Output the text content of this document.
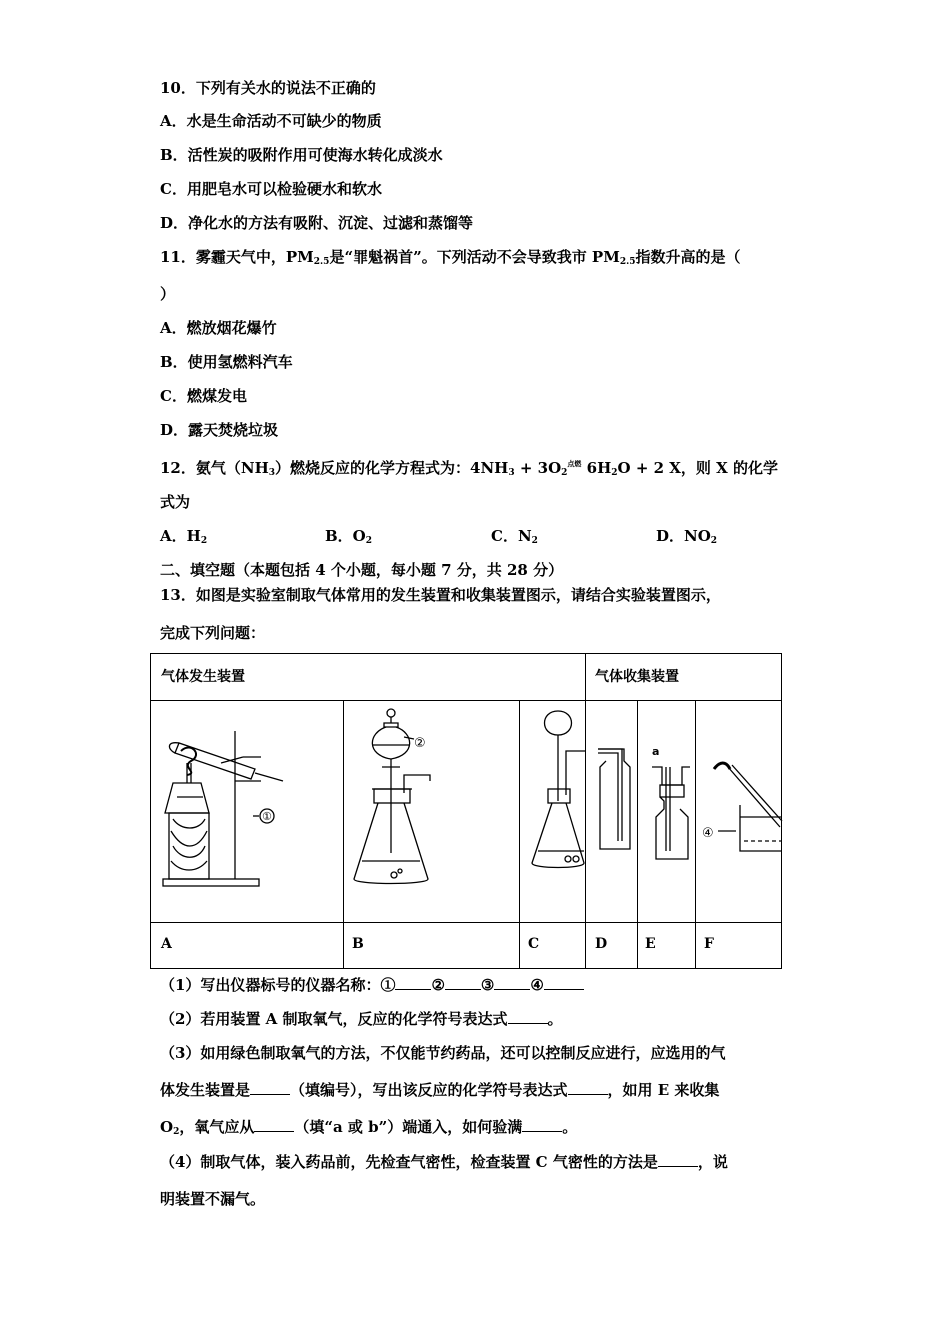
10．下列有关水的说法不正确的
A．水是生命活动不可缺少的物质
B．活性炭的吸附作用可使海水转化成淡水
C．用肥皂水可以检验硬水和软水
D．净化水的方法有吸附、沉淀、过滤和蒸馏等
11．雾霾天气中，$PM_{2.5}$是“罪魁祸首”。下列活动不会导致我市 $PM_{2.5}$指数升高的是（
）
A．燃放烟花爆竹
B．使用氢燃料汽车
C．燃煤发电
D．露天焚烧垃圾
12．氨气$(NH_3)$燃烧反应的化学方程式为：$4NH_3 + 3O_2^{点燃}$ $6H_2O + 2$ X，则 X 的化学
式为
A．$H_2$	B．$O_2$	C．$N_2$	D．$NO_2$
二、填空题（本题包括 4 个小题，每小题 7 分，共 28 分）
13．如图是实验室制取气体常用的发生装置和收集装置图示，请结合实验装置图示，
完成下列问题：
气体发生装置	气体收集装置
A	B	C	D	E	F
①
②
a
④
（1）写出仪器标号的仪器名称：① ② ③ ④
（2）若用装置 A 制取氧气，反应的化学符号表达式	。
（3）如用绿色制取氧气的方法，不仅能节约药品，还可以控制反应进行，应选用的气
体发生装置是	（填编号），写出该反应的化学符号表达式	，如用 E 来收集
$O_2$，氧气应从	（填“a 或 b”）端通入，如何验满	。
（4）制取气体，装入药品前，先检查气密性，检查装置 C 气密性的方法是	，说
明装置不漏气。
